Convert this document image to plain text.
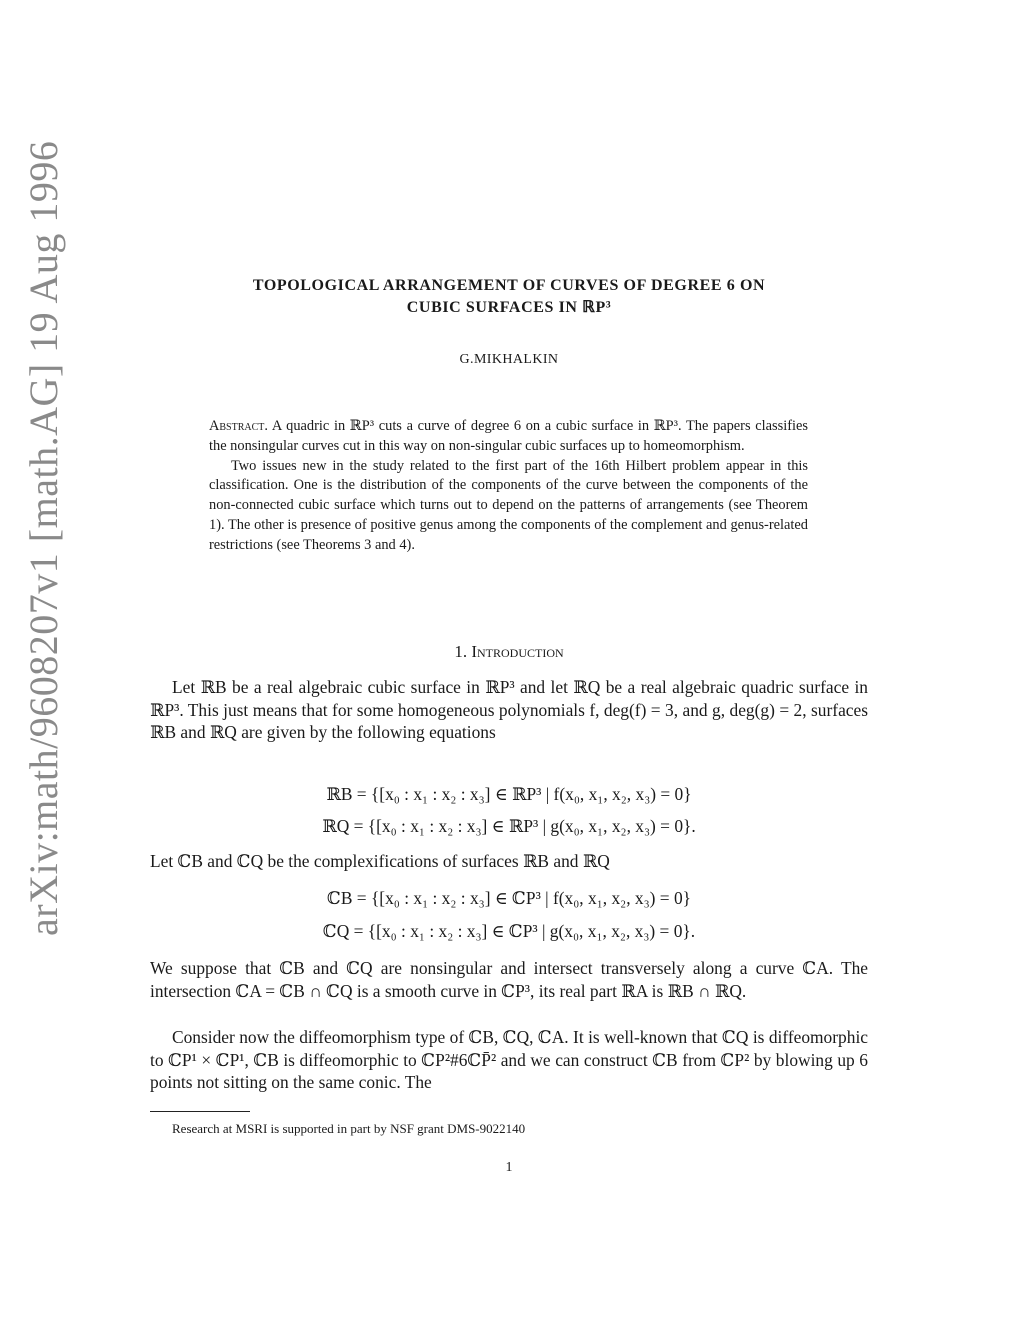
arXiv:math/9608207v1 [math.AG] 19 Aug 1996	TOPOLOGICAL ARRANGEMENT OF CURVES OF DEGREE 6 ON
CUBIC SURFACES IN ℝP³
G.MIKHALKIN

Abstract. A quadric in ℝP³ cuts a curve of degree 6 on a cubic surface in ℝP³. The papers classifies the nonsingular curves cut in this way on non-singular cubic surfaces up to homeomorphism.

Two issues new in the study related to the first part of the 16th Hilbert problem appear in this classification. One is the distribution of the components of the curve between the components of the non-connected cubic surface which turns out to depend on the patterns of arrangements (see Theorem 1). The other is presence of positive genus among the components of the complement and genus-related restrictions (see Theorems 3 and 4).

1. Introduction

Let ℝB be a real algebraic cubic surface in ℝP³ and let ℝQ be a real algebraic quadric surface in ℝP³. This just means that for some homogeneous polynomials f, deg(f) = 3, and g, deg(g) = 2, surfaces ℝB and ℝQ are given by the following equations

ℝB = {[x₀ : x₁ : x₂ : x₃] ∈ ℝP³ | f(x₀, x₁, x₂, x₃) = 0}
ℝQ = {[x₀ : x₁ : x₂ : x₃] ∈ ℝP³ | g(x₀, x₁, x₂, x₃) = 0}.

Let ℂB and ℂQ be the complexifications of surfaces ℝB and ℝQ

ℂB = {[x₀ : x₁ : x₂ : x₃] ∈ ℂP³ | f(x₀, x₁, x₂, x₃) = 0}
ℂQ = {[x₀ : x₁ : x₂ : x₃] ∈ ℂP³ | g(x₀, x₁, x₂, x₃) = 0}.

We suppose that ℂB and ℂQ are nonsingular and intersect transversely along a curve ℂA. The intersection ℂA = ℂB ∩ ℂQ is a smooth curve in ℂP³, its real part ℝA is ℝB ∩ ℝQ.

Consider now the diffeomorphism type of ℂB, ℂQ, ℂA. It is well-known that ℂQ is diffeomorphic to ℂP¹ × ℂP¹, ℂB is diffeomorphic to ℂP²#6ℂP̄² and we can construct ℂB from ℂP² by blowing up 6 points not sitting on the same conic. The

Research at MSRI is supported in part by NSF grant DMS-9022140
1
